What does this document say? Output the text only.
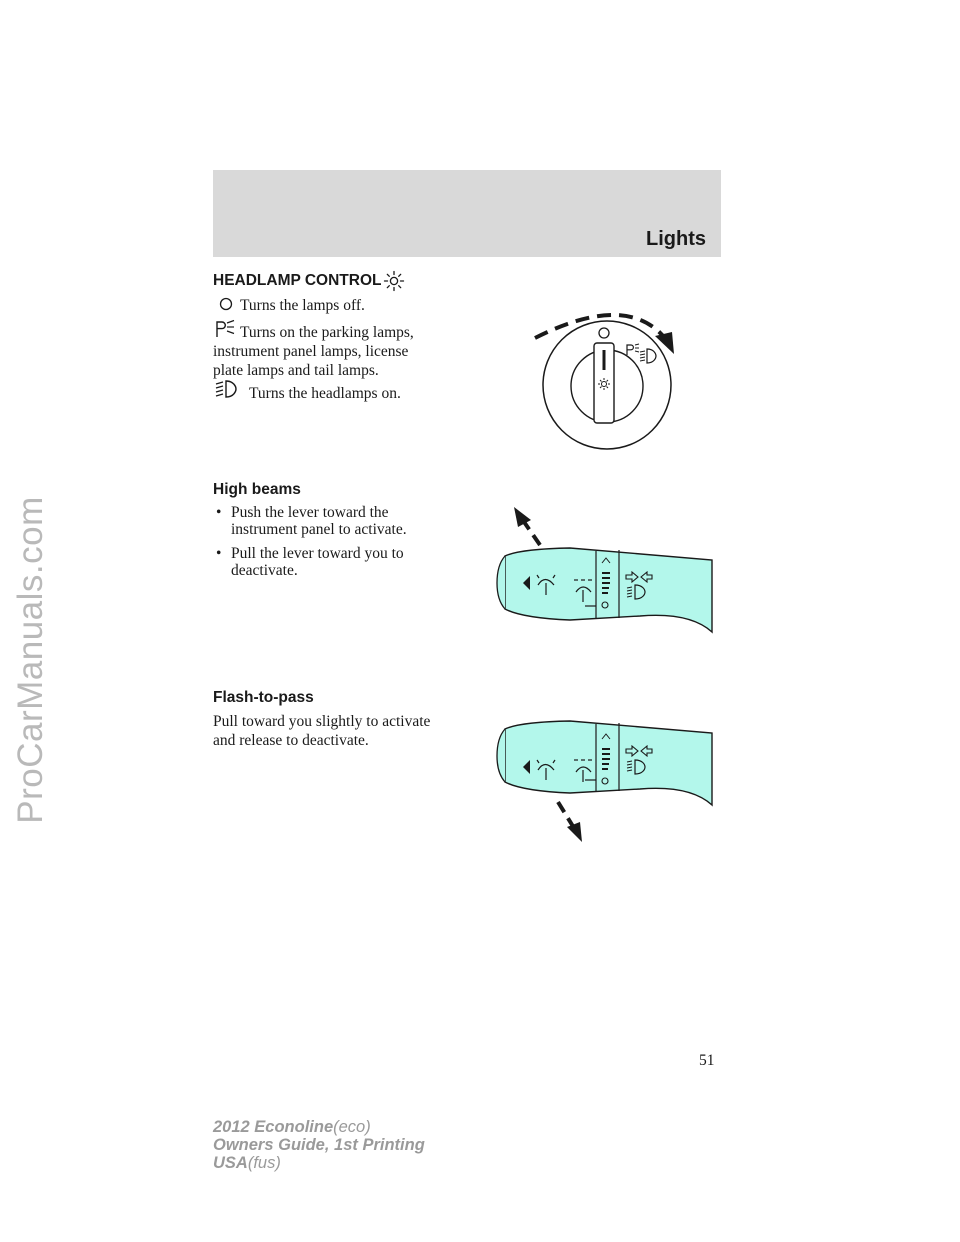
ProCarManuals.com
Lights
HEADLAMP CONTROL
Turns the lamps off.
Turns on the parking lamps,
instrument panel lamps, license
plate lamps and tail lamps.
Turns the headlamps on.
High beams
• Push the lever toward the
instrument panel to activate.
• Pull the lever toward you to
deactivate.
Flash-to-pass
Pull toward you slightly to activate
and release to deactivate.
51
2012 Econoline(eco)
Owners Guide, 1st Printing
USA(fus)
